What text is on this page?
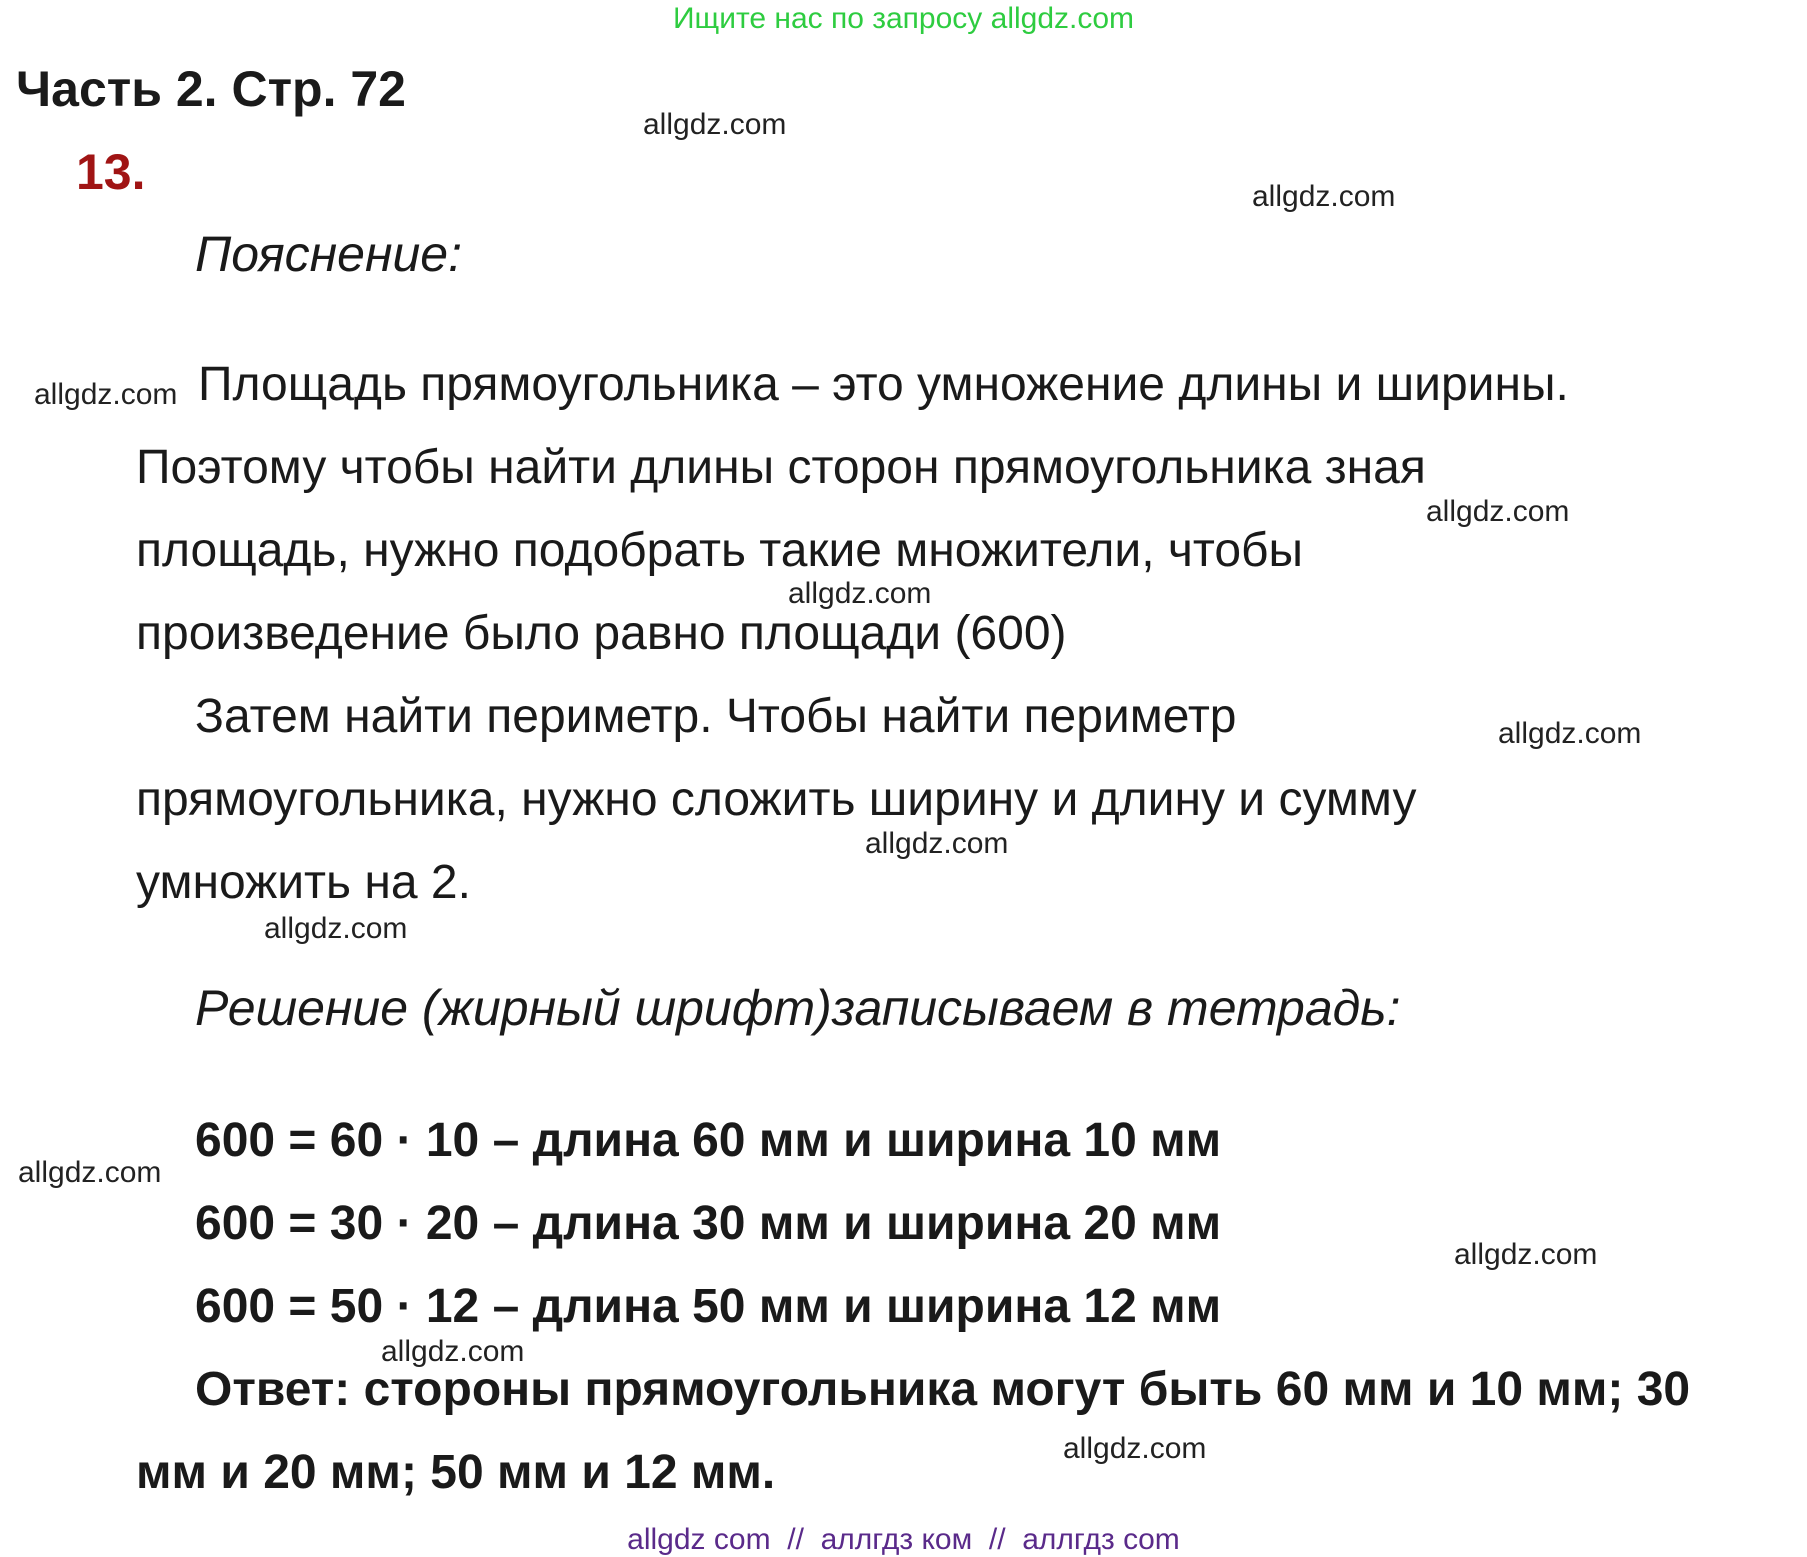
Ищите нас по запросу allgdz.com
Часть 2. Стр. 72
13.
Пояснение:
Площадь прямоугольника – это умножение длины и ширины.
Поэтому чтобы найти длины сторон прямоугольника зная
площадь, нужно подобрать такие множители, чтобы
произведение было равно площади (600)
Затем найти периметр. Чтобы найти периметр
прямоугольника, нужно сложить ширину и длину и сумму
умножить на 2.
Решение (жирный шрифт)записываем в тетрадь:
600 = 60 · 10 – длина 60 мм и ширина 10 мм
600 = 30 · 20 – длина 30 мм и ширина 20 мм
600 = 50 · 12 – длина 50 мм и ширина 12 мм
Ответ: стороны прямоугольника могут быть 60 мм и 10 мм; 30
мм и 20 мм; 50 мм и 12 мм.
allgdz.com
allgdz.com
allgdz.com
allgdz.com
allgdz.com
allgdz.com
allgdz.com
allgdz.com
allgdz.com
allgdz.com
allgdz.com
allgdz.com
allgdz com  //  аллгдз ком  //  аллгдз com
